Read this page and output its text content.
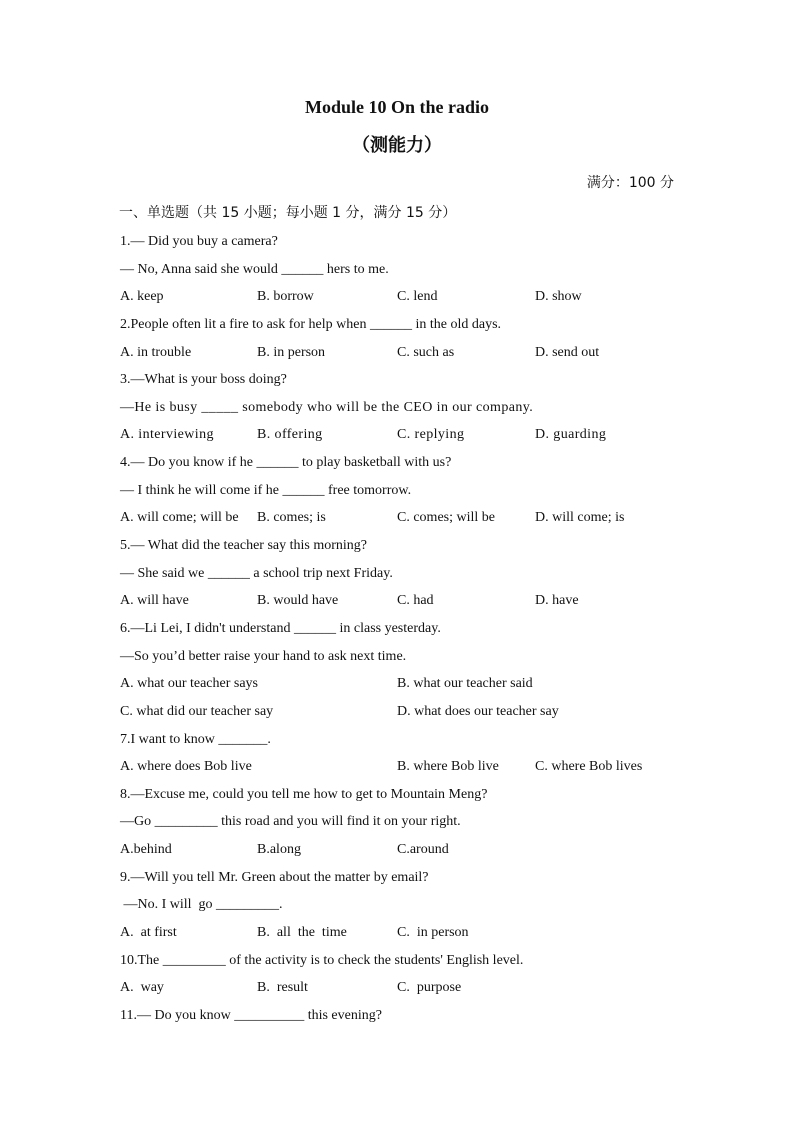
Module 10 On the radio
（测能力）
满分：100 分
一、单选题（共 15 小题；每小题 1 分，满分 15 分）
1.— Did you buy a camera?
— No, Anna said she would ______ hers to me.
A. keep	B. borrow	C. lend	D. show
2.People often lit a fire to ask for help when ______ in the old days.
A. in trouble	B. in person	C. such as	D. send out
3.—What is your boss doing?
—He is busy _____ somebody who will be the CEO in our company.
A. interviewing	B. offering	C. replying	D. guarding
4.— Do you know if he ______ to play basketball with us?
— I think he will come if he ______ free tomorrow.
A. will come; will be B. comes; is	C. comes; will be	D. will come; is
5.— What did the teacher say this morning?
— She said we ______ a school trip next Friday.
A. will have	B. would have	C. had	D. have
6.—Li Lei, I didn't understand ______ in class yesterday.
—So you’d better raise your hand to ask next time.
A. what our teacher says	B. what our teacher said
C. what did our teacher say	D. what does our teacher say
7.I want to know _______.
A. where does Bob live	B. where Bob live	C. where Bob lives
8.—Excuse me, could you tell me how to get to Mountain Meng?
—Go _________ this road and you will find it on your right.
A.behind	B.along	C.around
9.—Will you tell Mr. Green about the matter by email?
—No. I will  go _________.

A.  at first

	B.  all  the  time

	C.  in person

10.The _________ of the activity is to check the students' English level.

A.  way

	B.  result

	C.  purpose

11.— Do you know __________ this evening?
